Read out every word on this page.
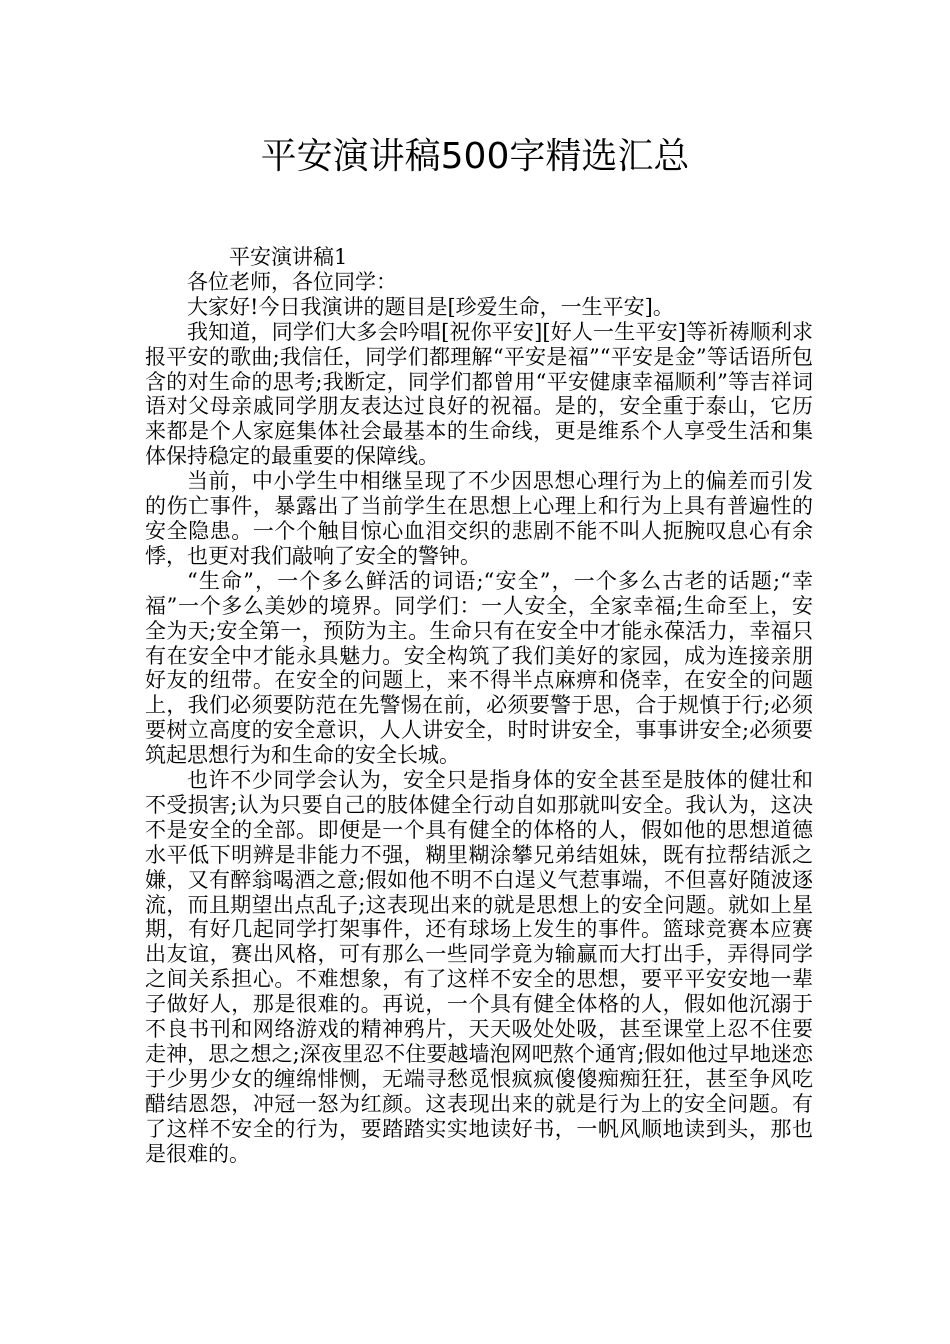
平安演讲稿500字精选汇总

平安演讲稿1

各位老师，各位同学：

大家好!今日我演讲的题目是[珍爱生命，一生平安]。

我知道，同学们大多会吟唱[祝你平安][好人一生平安]等祈祷顺利求报平安的歌曲;我信任，同学们都理解“平安是福”“平安是金”等话语所包含的对生命的思考;我断定，同学们都曾用“平安健康幸福顺利”等吉祥词语对父母亲戚同学朋友表达过良好的祝福。是的，安全重于泰山，它历来都是个人家庭集体社会最基本的生命线，更是维系个人享受生活和集体保持稳定的最重要的保障线。

当前，中小学生中相继呈现了不少因思想心理行为上的偏差而引发的伤亡事件，暴露出了当前学生在思想上心理上和行为上具有普遍性的安全隐患。一个个触目惊心血泪交织的悲剧不能不叫人扼腕叹息心有余悸，也更对我们敲响了安全的警钟。

“生命”，一个多么鲜活的词语;“安全”，一个多么古老的话题;“幸福”一个多么美妙的境界。同学们：一人安全，全家幸福;生命至上，安全为天;安全第一，预防为主。生命只有在安全中才能永葆活力，幸福只有在安全中才能永具魅力。安全构筑了我们美好的家园，成为连接亲朋好友的纽带。在安全的问题上，来不得半点麻痹和侥幸，在安全的问题上，我们必须要防范在先警惕在前，必须要警于思，合于规慎于行;必须要树立高度的安全意识，人人讲安全，时时讲安全，事事讲安全;必须要筑起思想行为和生命的安全长城。

也许不少同学会认为，安全只是指身体的安全甚至是肢体的健壮和不受损害;认为只要自己的肢体健全行动自如那就叫安全。我认为，这决不是安全的全部。即便是一个具有健全的体格的人，假如他的思想道德水平低下明辨是非能力不强，糊里糊涂攀兄弟结姐妹，既有拉帮结派之嫌，又有醉翁喝酒之意;假如他不明不白逞义气惹事端，不但喜好随波逐流，而且期望出点乱子;这表现出来的就是思想上的安全问题。就如上星期，有好几起同学打架事件，还有球场上发生的事件。篮球竞赛本应赛出友谊，赛出风格，可有那么一些同学竟为输赢而大打出手，弄得同学之间关系担心。不难想象，有了这样不安全的思想，要平平安安地一辈子做好人，那是很难的。再说，一个具有健全体格的人，假如他沉溺于不良书刊和网络游戏的精神鸦片，天天吸处处吸，甚至课堂上忍不住要走神，思之想之;深夜里忍不住要越墙泡网吧熬个通宵;假如他过早地迷恋于少男少女的缠绵悱恻，无端寻愁觅恨疯疯傻傻痴痴狂狂，甚至争风吃醋结恩怨，冲冠一怒为红颜。这表现出来的就是行为上的安全问题。有了这样不安全的行为，要踏踏实实地读好书，一帆风顺地读到头，那也是很难的。
